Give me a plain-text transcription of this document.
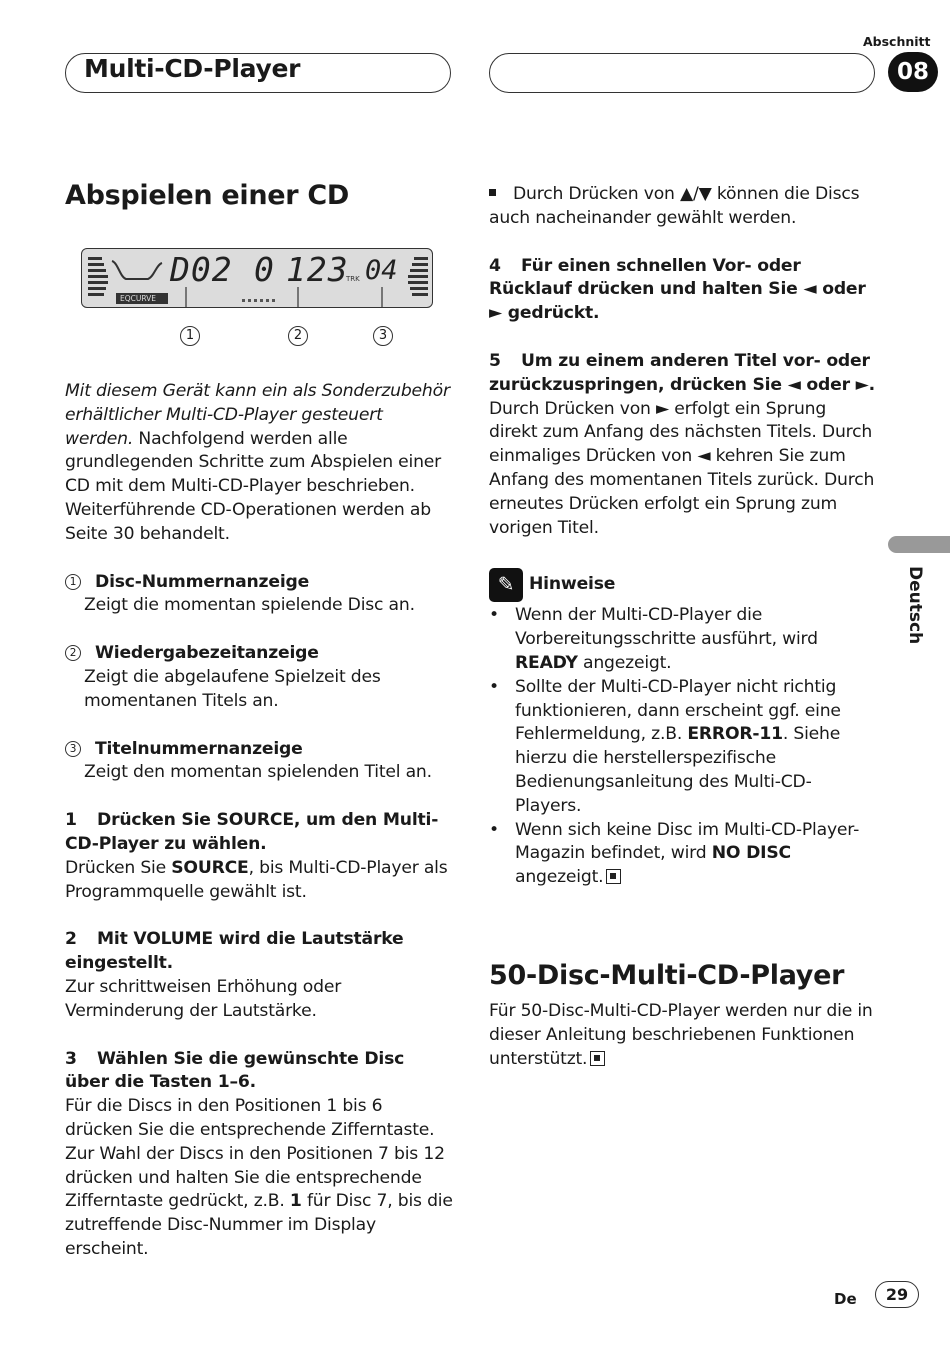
Multi-CD-Player
Abschnitt
08
Deutsch
Abspielen einer CD
D02 0 123
TRK 04
EQCURVE
1	2	3

Mit diesem Gerät kann ein als Sonderzubehör erhältlicher Multi-CD-Player gesteuert werden. Nachfolgend werden alle grundlegenden Schritte zum Abspielen einer CD mit dem Multi-CD-Player beschrieben. Weiterführende CD-Operationen werden ab Seite 30 behandelt.

1 Disc-Nummernanzeige

Zeigt die momentan spielende Disc an.

2 Wiedergabezeitanzeige

Zeigt die abgelaufene Spielzeit des momentanen Titels an.

3 Titelnummernanzeige

Zeigt den momentan spielenden Titel an.

1 Drücken Sie SOURCE, um den Multi-CD-Player zu wählen.

Drücken Sie SOURCE, bis Multi-CD-Player als Programmquelle gewählt ist.

2 Mit VOLUME wird die Lautstärke eingestellt.

Zur schrittweisen Erhöhung oder Verminderung der Lautstärke.

3 Wählen Sie die gewünschte Disc über die Tasten 1–6.

Für die Discs in den Positionen 1 bis 6 drücken Sie die entsprechende Zifferntaste. Zur Wahl der Discs in den Positionen 7 bis 12 drücken und halten Sie die entsprechende Zifferntaste gedrückt, z.B. 1 für Disc 7, bis die zutreffende Disc-Nummer im Display erscheint.

Durch Drücken von ▲/▼ können die Discs auch nacheinander gewählt werden.

4 Für einen schnellen Vor- oder Rücklauf drücken und halten Sie ◄ oder ► gedrückt.

5 Um zu einem anderen Titel vor- oder zurückzuspringen, drücken Sie ◄ oder ►.

Durch Drücken von ► erfolgt ein Sprung direkt zum Anfang des nächsten Titels. Durch einmaliges Drücken von ◄ kehren Sie zum Anfang des momentanen Titels zurück. Durch erneutes Drücken erfolgt ein Sprung zum vorigen Titel.

✎ Hinweise
• Wenn der Multi-CD-Player die Vorbereitungsschritte ausführt, wird READY angezeigt.
• Sollte der Multi-CD-Player nicht richtig funktionieren, dann erscheint ggf. eine Fehlermeldung, z.B. ERROR-11. Siehe hierzu die herstellerspezifische Bedienungsanleitung des Multi-CD-Players.
• Wenn sich keine Disc im Multi-CD-Player-Magazin befindet, wird NO DISC angezeigt.
50-Disc-Multi-CD-Player

Für 50-Disc-Multi-CD-Player werden nur die in dieser Anleitung beschriebenen Funktionen unterstützt.

De	29
